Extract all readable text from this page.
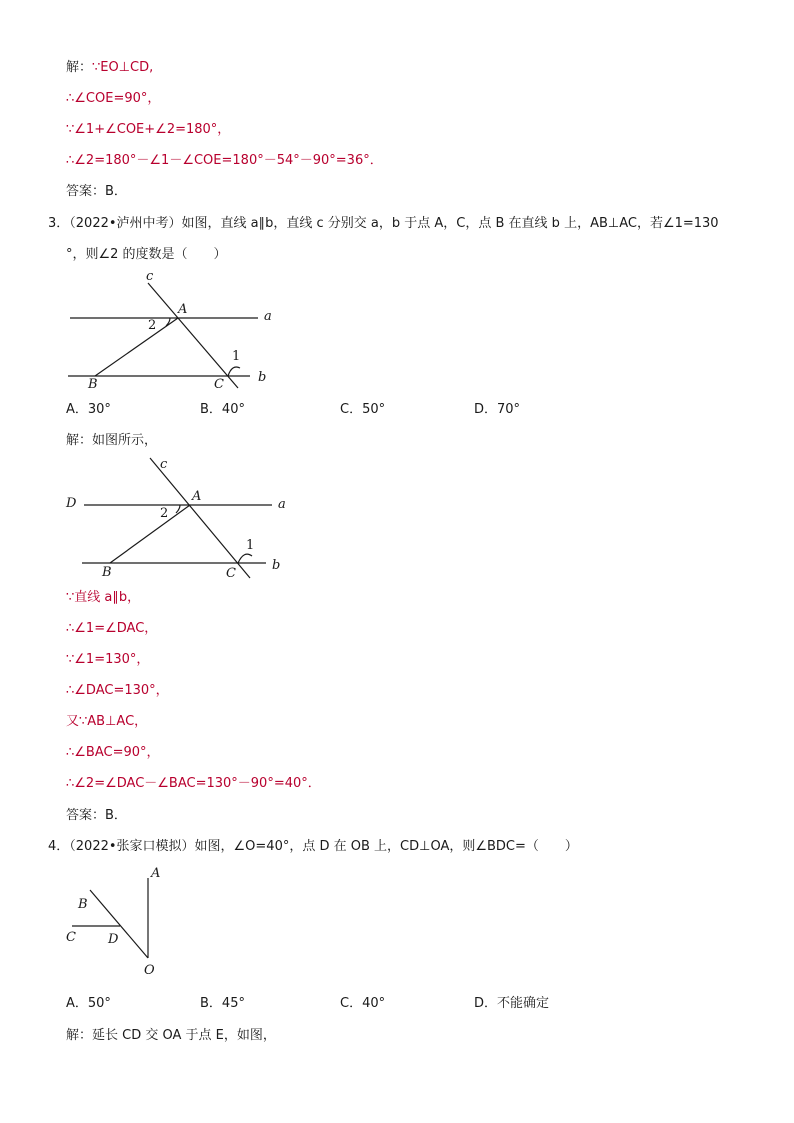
解：∵EO⊥CD,
∴∠COE=90°，
∵∠1+∠COE+∠2=180°，
∴∠2=180°－∠1－∠COE=180°－54°－90°=36°．
答案：B．
3．（2022•泸州中考）如图，直线 a∥b，直线 c 分别交 a，b 于点 A，C，点 B 在直线 b 上，AB⊥AC，若∠1=130
°，则∠2 的度数是（　　）
c
A	a
2
1
B	C	b
A．30°	B．40°	C．50°	D．70°
解：如图所示，
c
D	A
a
2
1
B	C
b
∵直线 a∥b，
∴∠1=∠DAC，
∵∠1=130°，
∴∠DAC=130°，
又∵AB⊥AC，
∴∠BAC=90°，
∴∠2=∠DAC－∠BAC=130°－90°=40°．
答案：B．
4．（2022•张家口模拟）如图，∠O=40°，点 D 在 OB 上，CD⊥OA，则∠BDC=（　　）
A
B
C D
O
A．50°	B．45°	C．40°	D．不能确定
解：延长 CD 交 OA 于点 E，如图，
